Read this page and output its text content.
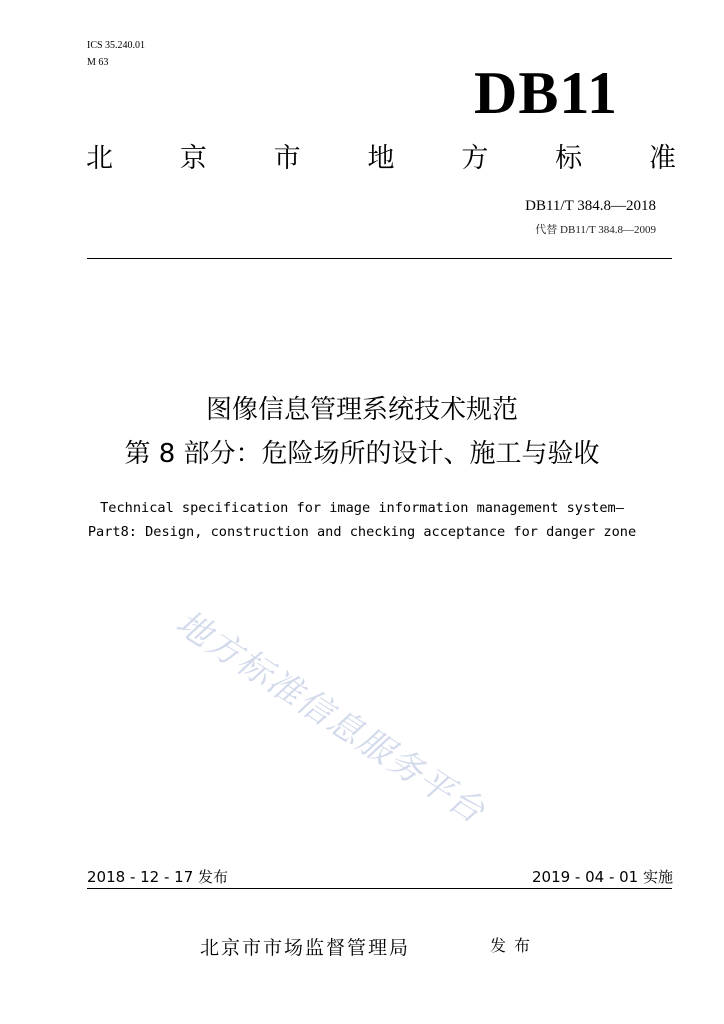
ICS 35.240.01
M 63	DB11
北 京 市 地 方 标 准
DB11/T 384.8—2018
代替 DB11/T 384.8—2009
图像信息管理系统技术规范
第 8 部分：危险场所的设计、施工与验收
Technical specification for image information management system—
Part8: Design, construction and checking acceptance for danger zone
地方标准信息服务平台
2018 - 12 - 17 发布	2019 - 04 - 01 实施
北京市市场监督管理局	发布
